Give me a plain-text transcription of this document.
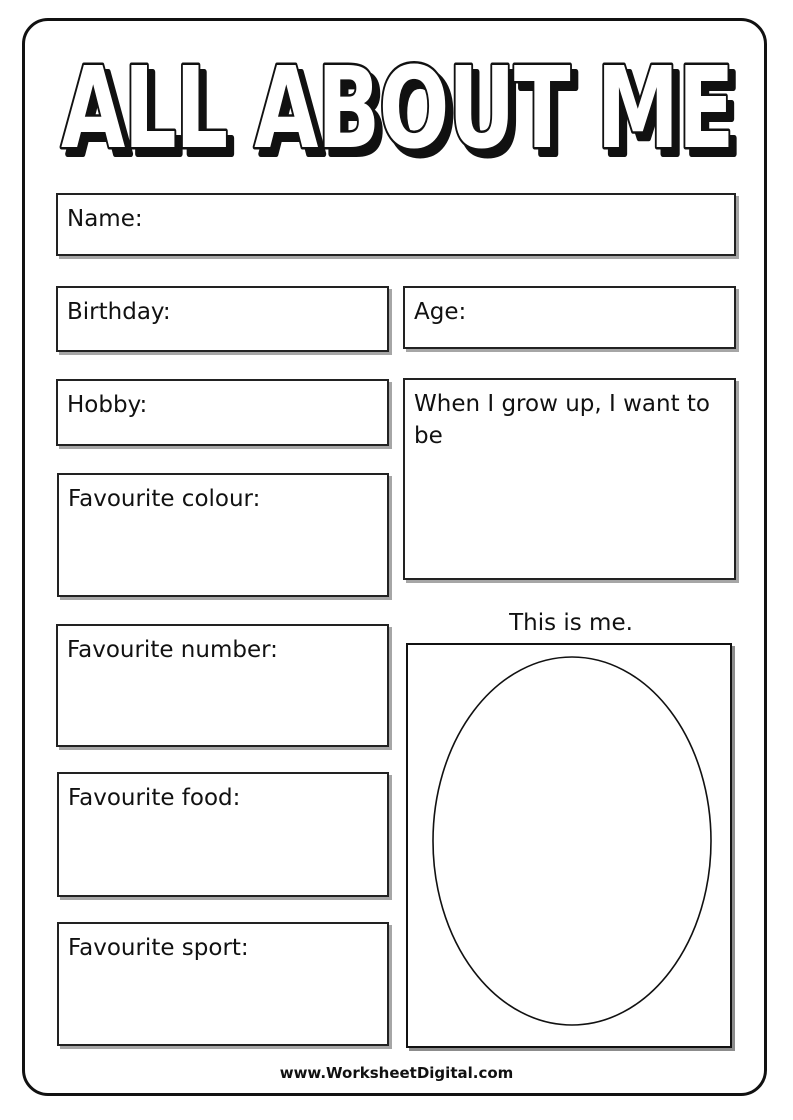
ALL ABOUT ME
ALL ABOUT ME
Name:
Birthday:	Age:
Hobby:	When I grow up, I want to be
Favourite colour:
Favourite number:
Favourite food:
Favourite sport:
This is me.
www.WorksheetDigital.com
